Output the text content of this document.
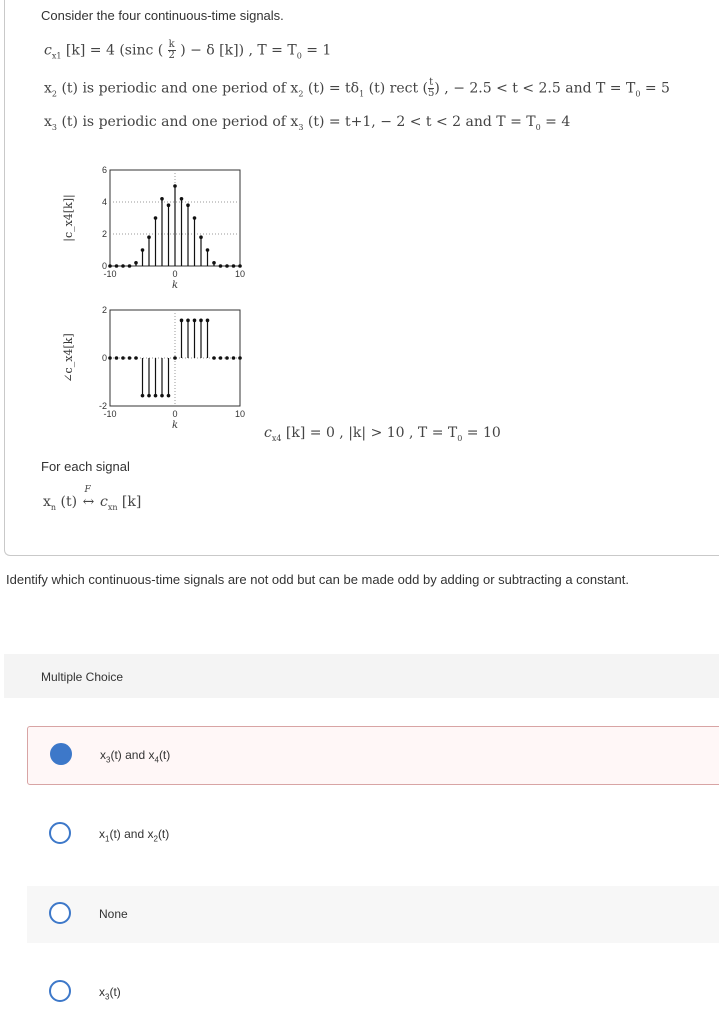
Consider the four continuous-time signals.
$c_{x1}$ [k] = 4 (sinc ( $\frac{k}{2}$ ) − δ [k]) , $T = T_0 = 1$
$x_2$ (t) is periodic and one period of $x_2$ $(t) = t\delta_1$ (t) rect ( $\frac{t}{5}$ ) , − 2.5 < t < 2.5 and $T = T_0 = 5$
$x_3$ (t) is periodic and one period of $x_3$ (t) = t+1, − 2 < t < 2 and $T = T_0 = 4$
0
2
4
6
-10	0	10
k
|c_x4[k]|
-2
0
2
-10	0	10
k
∠c_x4[k]
$c_{x4}$ [k] = 0 , |k| > 10 , $T = T_0 = 10$
For each signal
$x_n$ (t)
F
↔ $c_{xn}$ [k]
Identify which continuous-time signals are not odd but can be made odd by adding or subtracting a constant.
Multiple Choice
$x_3(t)$ and $x_4(t)$
$x_1(t)$ and $x_2(t)$
None
$x_3(t)$
